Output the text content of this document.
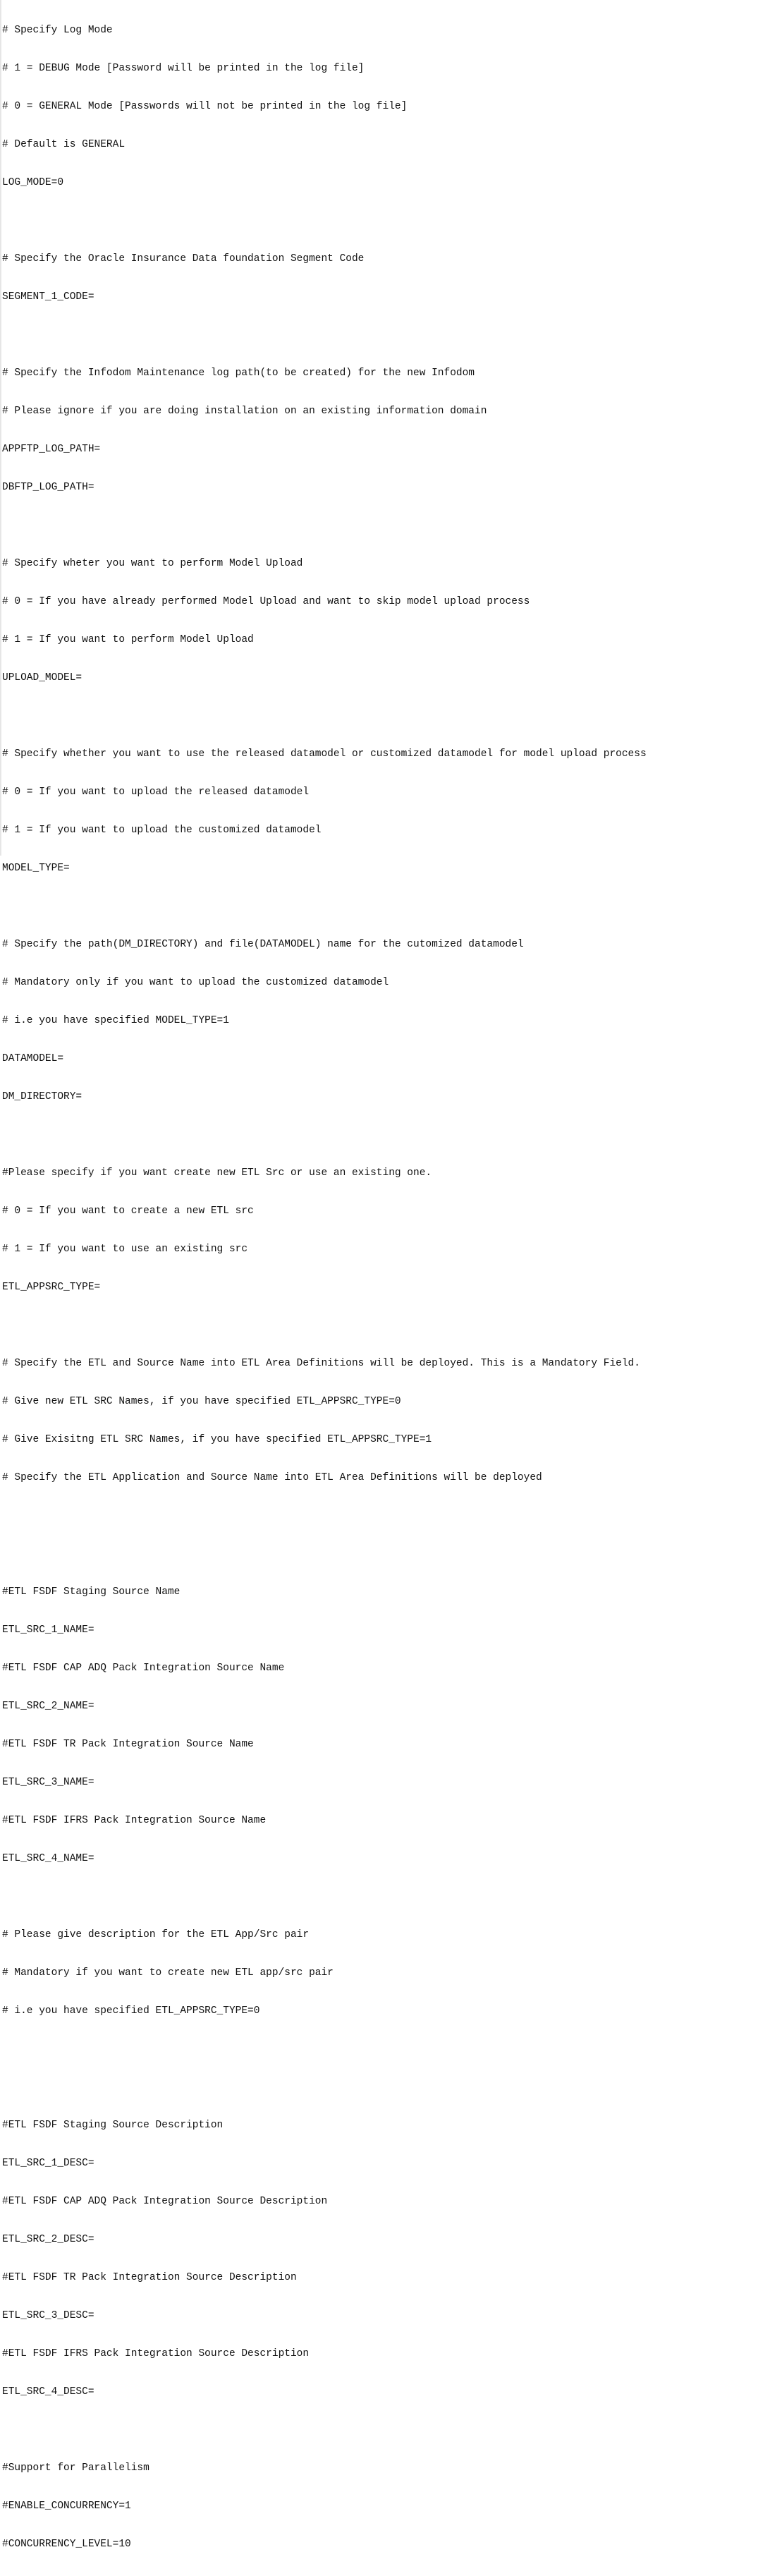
# Specify Log Mode

# 1 = DEBUG Mode [Password will be printed in the log file]

# 0 = GENERAL Mode [Passwords will not be printed in the log file]

# Default is GENERAL

LOG_MODE=0

# Specify the Oracle Insurance Data foundation Segment Code

SEGMENT_1_CODE=

# Specify the Infodom Maintenance log path(to be created) for the new Infodom

# Please ignore if you are doing installation on an existing information domain

APPFTP_LOG_PATH=

DBFTP_LOG_PATH=

# Specify wheter you want to perform Model Upload

# 0 = If you have already performed Model Upload and want to skip model upload process

# 1 = If you want to perform Model Upload

UPLOAD_MODEL=

# Specify whether you want to use the released datamodel or customized datamodel for model upload process

# 0 = If you want to upload the released datamodel

# 1 = If you want to upload the customized datamodel

MODEL_TYPE=

# Specify the path(DM_DIRECTORY) and file(DATAMODEL) name for the cutomized datamodel

# Mandatory only if you want to upload the customized datamodel

# i.e you have specified MODEL_TYPE=1

DATAMODEL=

DM_DIRECTORY=

#Please specify if you want create new ETL Src or use an existing one.

# 0 = If you want to create a new ETL src

# 1 = If you want to use an existing src

ETL_APPSRC_TYPE=

# Specify the ETL and Source Name into ETL Area Definitions will be deployed. This is a Mandatory Field.

# Give new ETL SRC Names, if you have specified ETL_APPSRC_TYPE=0

# Give Exisitng ETL SRC Names, if you have specified ETL_APPSRC_TYPE=1

# Specify the ETL Application and Source Name into ETL Area Definitions will be deployed

#ETL FSDF Staging Source Name

ETL_SRC_1_NAME=

#ETL FSDF CAP ADQ Pack Integration Source Name

ETL_SRC_2_NAME=

#ETL FSDF TR Pack Integration Source Name

ETL_SRC_3_NAME=

#ETL FSDF IFRS Pack Integration Source Name

ETL_SRC_4_NAME=

# Please give description for the ETL App/Src pair

# Mandatory if you want to create new ETL app/src pair

# i.e you have specified ETL_APPSRC_TYPE=0

#ETL FSDF Staging Source Description

ETL_SRC_1_DESC=

#ETL FSDF CAP ADQ Pack Integration Source Description

ETL_SRC_2_DESC=

#ETL FSDF TR Pack Integration Source Description

ETL_SRC_3_DESC=

#ETL FSDF IFRS Pack Integration Source Description

ETL_SRC_4_DESC=

#Support for Parallelism

#ENABLE_CONCURRENCY=1

#CONCURRENCY_LEVEL=10
